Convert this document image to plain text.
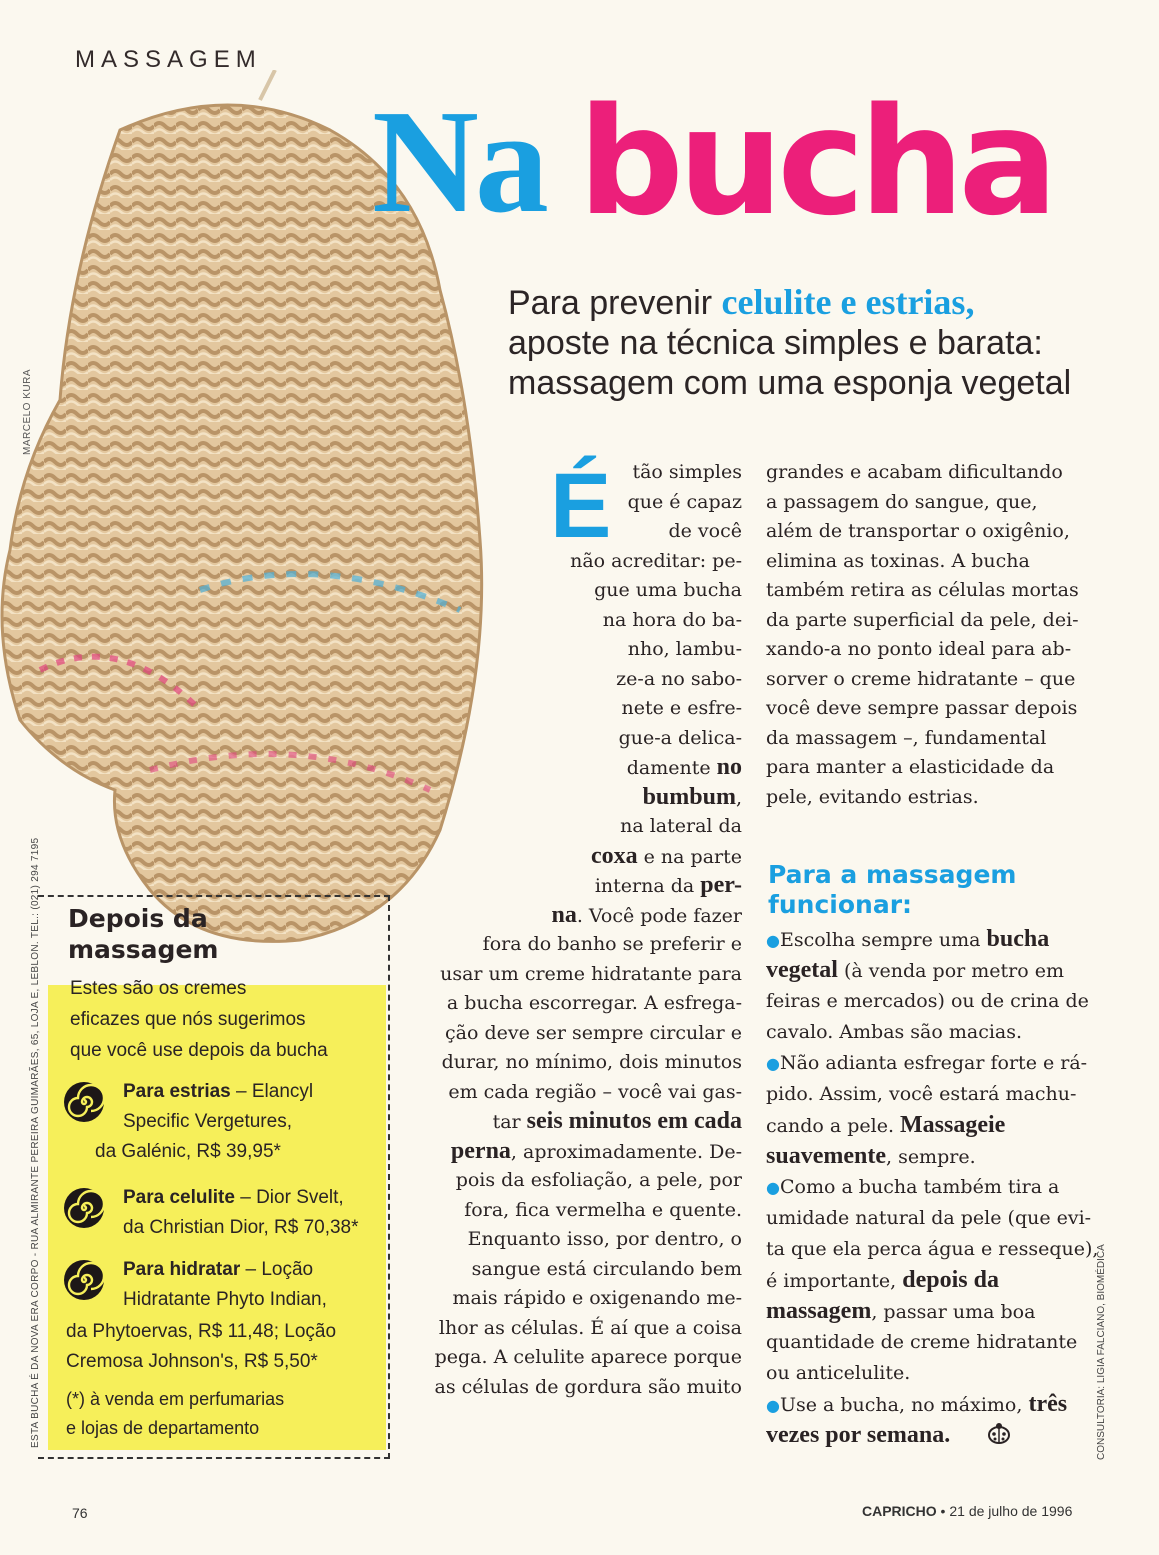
MASSAGEM
MARCELO KURA
Na bucha
Para prevenir celulite e estrias,
aposte na técnica simples e barata:
massagem com uma esponja vegetal
É	tão simples
que é capaz
de você
não acreditar: pe-
gue uma bucha
na hora do ba-
nho, lambu-
ze-a no sabo-
nete e esfre-
gue-a delica-
damente no
bumbum,
na lateral da
coxa e na parte
interna da per-
na. Você pode fazer
fora do banho se preferir e
usar um creme hidratante para
a bucha escorregar. A esfrega-
ção deve ser sempre circular e
durar, no mínimo, dois minutos
em cada região – você vai gas-
tar seis minutos em cada
perna, aproximadamente. De-
pois da esfoliação, a pele, por
fora, fica vermelha e quente.
Enquanto isso, por dentro, o
sangue está circulando bem
mais rápido e oxigenando me-
lhor as células. É aí que a coisa
pega. A celulite aparece porque
as células de gordura são muito
grandes e acabam dificultando
a passagem do sangue, que,
além de transportar o oxigênio,
elimina as toxinas. A bucha
também retira as células mortas
da parte superficial da pele, dei-
xando-a no ponto ideal para ab-
sorver o creme hidratante – que
você deve sempre passar depois
da massagem –, fundamental
para manter a elasticidade da
pele, evitando estrias.
Para a massagem
funcionar:
●Escolha sempre uma bucha
vegetal (à venda por metro em
feiras e mercados) ou de crina de
cavalo. Ambas são macias.
●Não adianta esfregar forte e rá-
pido. Assim, você estará machu-
cando a pele. Massageie
suavemente, sempre.
●Como a bucha também tira a
umidade natural da pele (que evi-
ta que ela perca água e resseque),
é importante, depois da
massagem, passar uma boa
quantidade de creme hidratante
ou anticelulite.
●Use a bucha, no máximo, três
vezes por semana.
Depois da
massagem
Estes são os cremes
eficazes que nós sugerimos
que você use depois da bucha
Para estrias – Elancyl
Specific Vergetures,
da Galénic, R$ 39,95*
Para celulite – Dior Svelt,
da Christian Dior, R$ 70,38*
Para hidratar – Loção
Hidratante Phyto Indian,
da Phytoervas, R$ 11,48; Loção
Cremosa Johnson's, R$ 5,50*
(*) à venda em perfumarias
e lojas de departamento
ESTA BUCHA É DA NOVA ERA CORPO - RUA ALMIRANTE PEREIRA GUIMARÃES, 65, LOJA E, LEBLON. TEL.: (021) 294 7195	CONSULTORIA: LIGIA FALCIANO, BIOMÉDICA
76	CAPRICHO • 21 de julho de 1996
